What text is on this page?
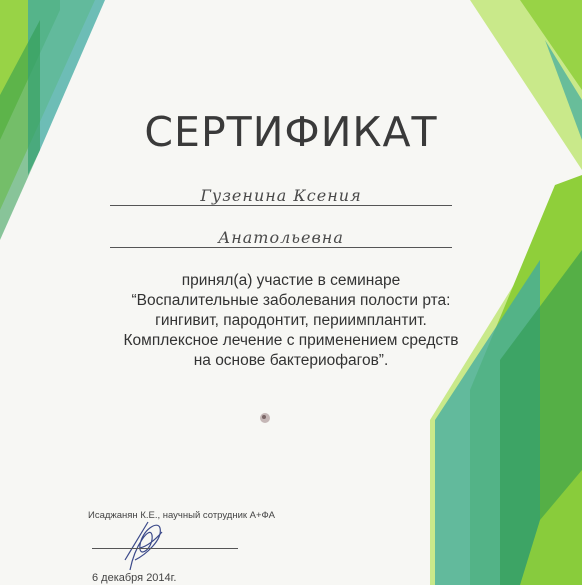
СЕРТИФИКАТ
Гузенина Ксения
Анатольевна
принял(а) участие в семинаре
“Воспалительные заболевания полости рта:
гингивит, пародонтит, периимплантит.
Комплексное лечение с применением средств
на основе бактериофагов”.
Исаджанян К.Е., научный сотрудник А+ФА
6 декабря 2014г.
